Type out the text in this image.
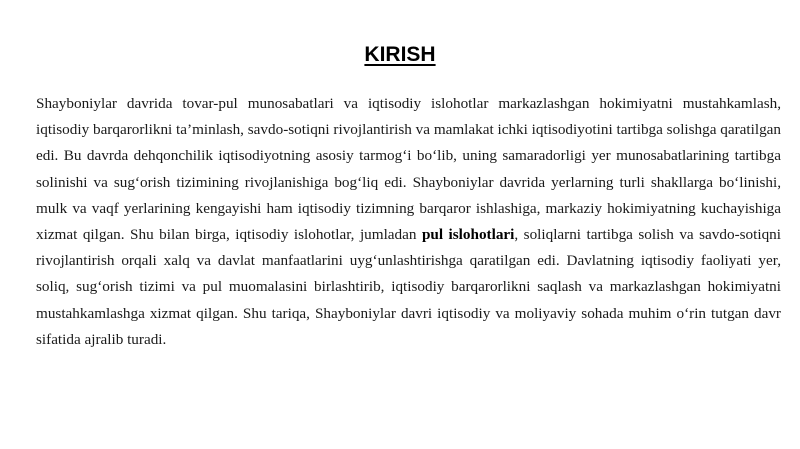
KIRISH

Shayboniylar davrida tovar-pul munosabatlari va iqtisodiy islohotlar markazlashgan hokimiyatni mustahkamlash, iqtisodiy barqarorlikni ta’minlash, savdo-sotiqni rivojlantirish va mamlakat ichki iqtisodiyotini tartibga solishga qaratilgan edi. Bu davrda dehqonchilik iqtisodiyotning asosiy tarmog‘i bo‘lib, uning samaradorligi yer munosabatlarining tartibga solinishi va sug‘orish tizimining rivojlanishiga bog‘liq edi. Shayboniylar davrida yerlarning turli shakllarga bo‘linishi, mulk va vaqf yerlarining kengayishi ham iqtisodiy tizimning barqaror ishlashiga, markaziy hokimiyatning kuchayishiga xizmat qilgan. Shu bilan birga, iqtisodiy islohotlar, jumladan pul islohotlari, soliqlarni tartibga solish va savdo-sotiqni rivojlantirish orqali xalq va davlat manfaatlarini uyg‘unlashtirishga qaratilgan edi. Davlatning iqtisodiy faoliyati yer, soliq, sug‘orish tizimi va pul muomalasini birlashtirib, iqtisodiy barqarorlikni saqlash va markazlashgan hokimiyatni mustahkamlashga xizmat qilgan. Shu tariqa, Shayboniylar davri iqtisodiy va moliyaviy sohada muhim o‘rin tutgan davr sifatida ajralib turadi.
